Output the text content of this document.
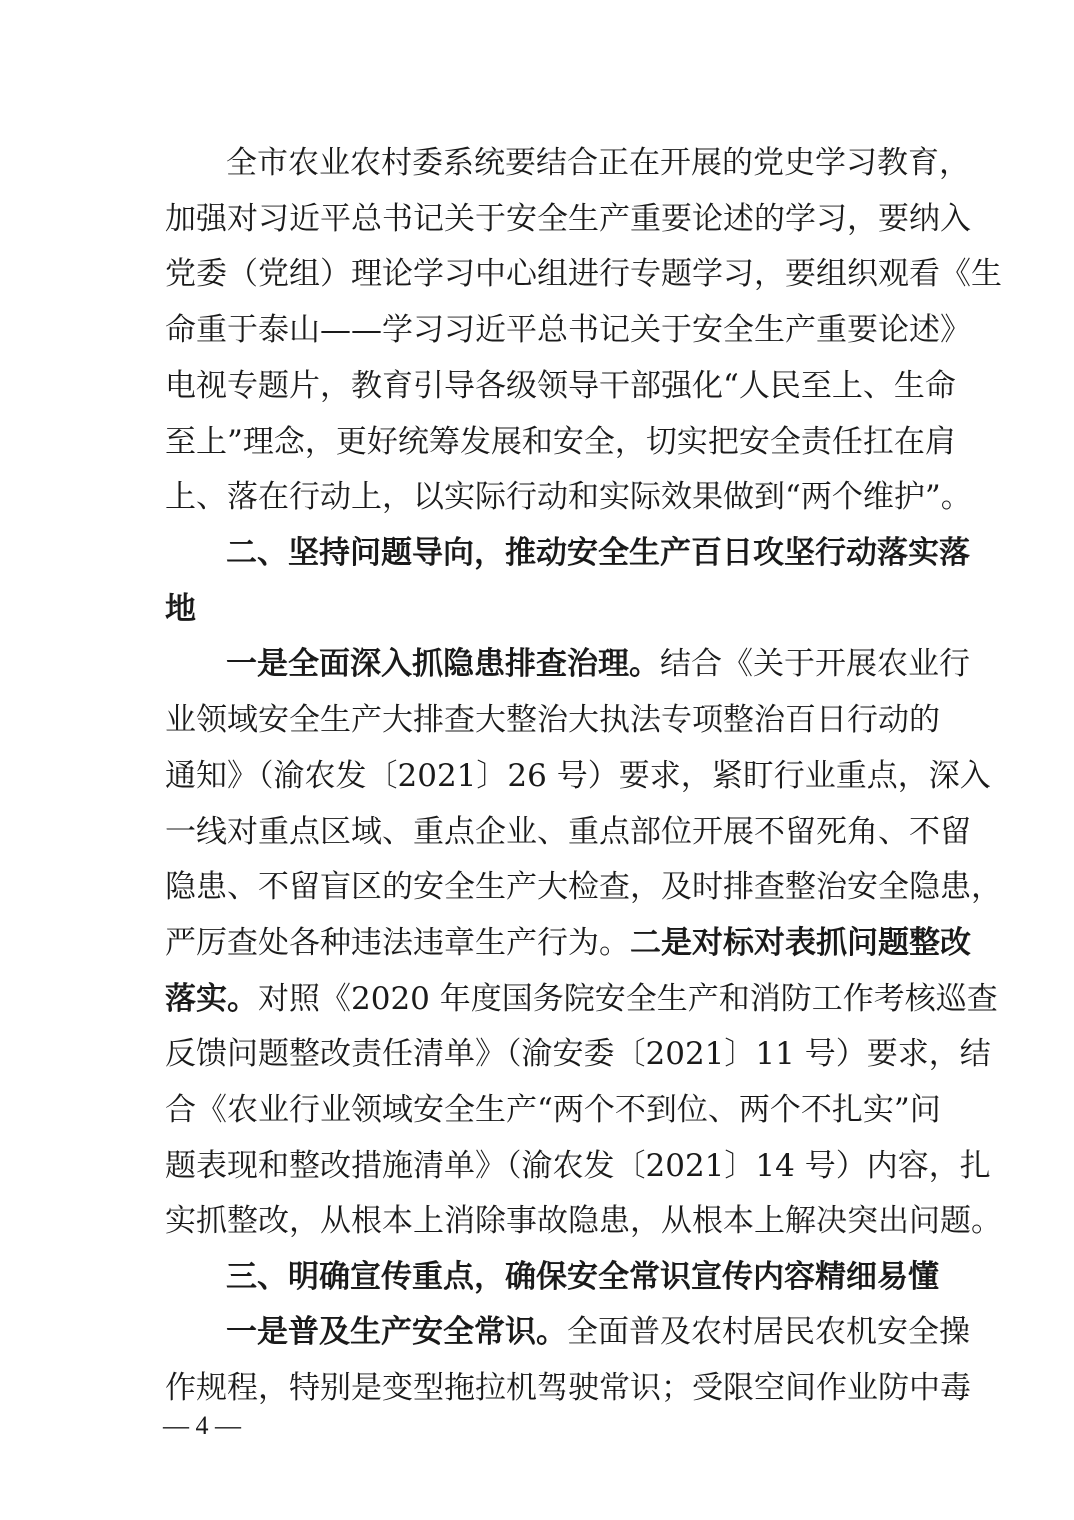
全市农业农村委系统要结合正在开展的党史学习教育，
加强对习近平总书记关于安全生产重要论述的学习，要纳入
党委（党组）理论学习中心组进行专题学习，要组织观看《生
命重于泰山——学习习近平总书记关于安全生产重要论述》
电视专题片，教育引导各级领导干部强化“人民至上、生命
至上”理念，更好统筹发展和安全，切实把安全责任扛在肩
上、落在行动上，以实际行动和实际效果做到“两个维护”。
二、坚持问题导向，推动安全生产百日攻坚行动落实落
地
一是全面深入抓隐患排查治理。结合《关于开展农业行
业领域安全生产大排查大整治大执法专项整治百日行动的
通知》（渝农发〔2021〕26 号）要求，紧盯行业重点，深入
一线对重点区域、重点企业、重点部位开展不留死角、不留
隐患、不留盲区的安全生产大检查，及时排查整治安全隐患，
严厉查处各种违法违章生产行为。二是对标对表抓问题整改
落实。对照《2020 年度国务院安全生产和消防工作考核巡查
反馈问题整改责任清单》（渝安委〔2021〕11 号）要求，结
合《农业行业领域安全生产“两个不到位、两个不扎实”问
题表现和整改措施清单》（渝农发〔2021〕14 号）内容，扎
实抓整改，从根本上消除事故隐患，从根本上解决突出问题。
三、明确宣传重点，确保安全常识宣传内容精细易懂
一是普及生产安全常识。全面普及农村居民农机安全操
作规程，特别是变型拖拉机驾驶常识；受限空间作业防中毒
— 4 —
